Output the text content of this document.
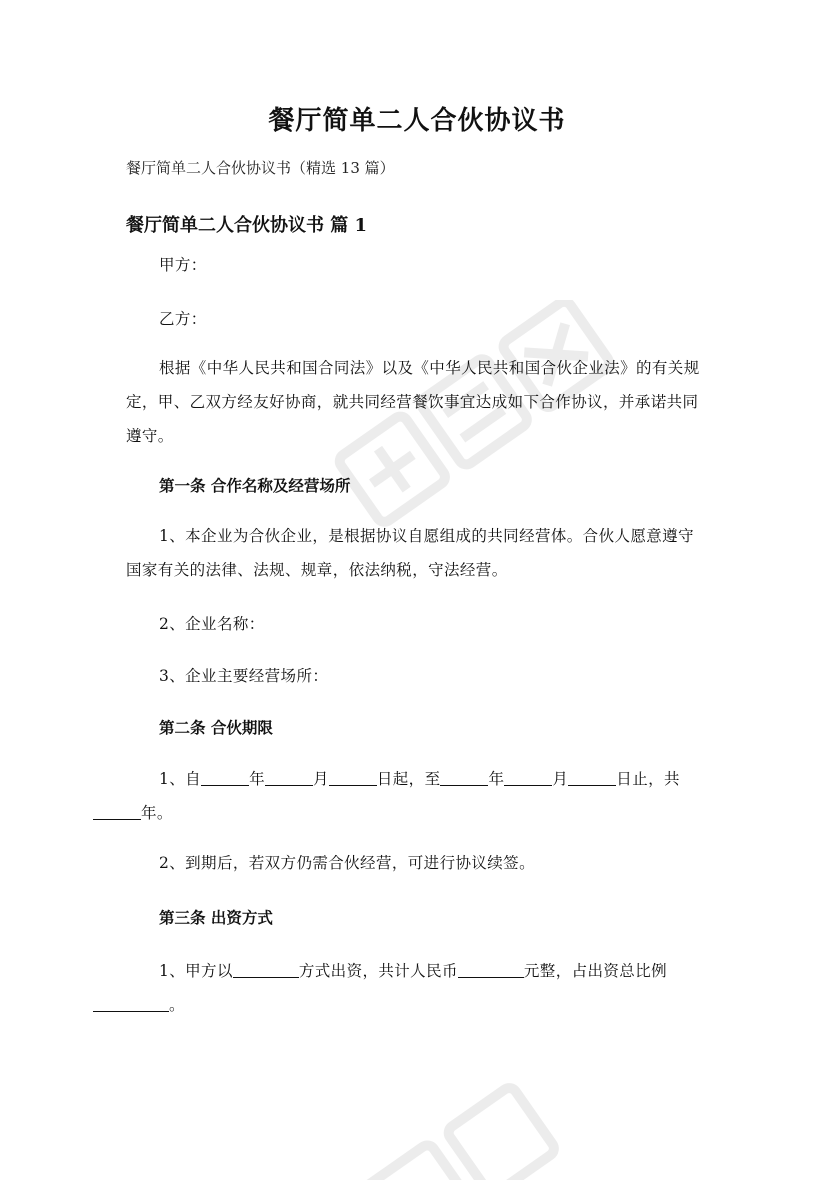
餐厅简单二人合伙协议书
餐厅简单二人合伙协议书（精选 13 篇）
餐厅简单二人合伙协议书 篇 1
甲方：
乙方：
根据《中华人民共和国合同法》以及《中华人民共和国合伙企业法》的有关规定，甲、乙双方经友好协商，就共同经营餐饮事宜达成如下合作协议，并承诺共同遵守。
第一条 合作名称及经营场所
1、本企业为合伙企业，是根据协议自愿组成的共同经营体。合伙人愿意遵守国家有关的法律、法规、规章，依法纳税，守法经营。
2、企业名称：
3、企业主要经营场所：
第二条 合伙期限
1、自	年	月	日起，至	年	月	日止，共
年。
2、到期后，若双方仍需合伙经营，可进行协议续签。
第三条 出资方式
1、甲方以	方式出资，共计人民币	元整，占出资总比例
。
